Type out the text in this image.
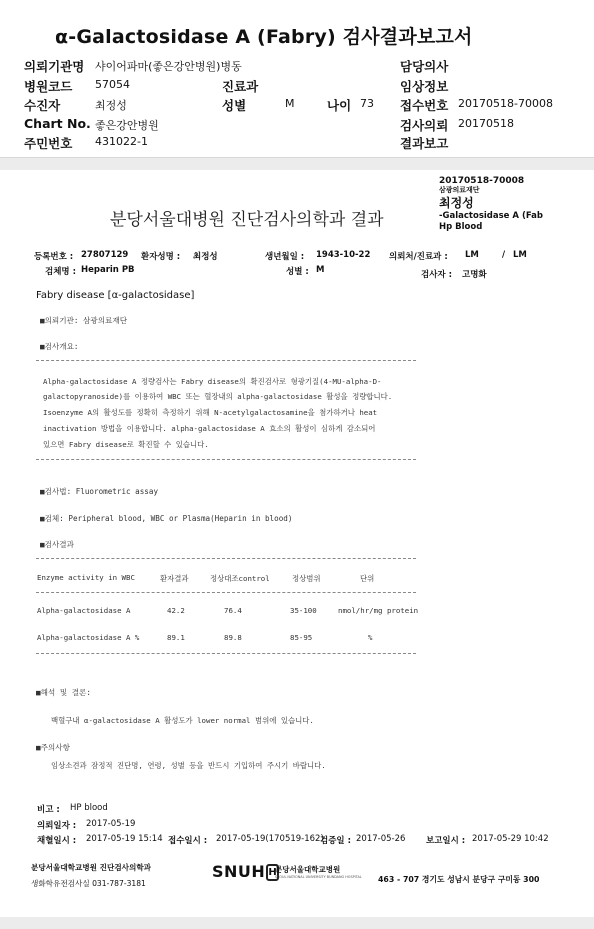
α-Galactosidase A (Fabry) 검사결과보고서
의뢰기관명 샤이어파마(좋은강안병원)병동	담당의사
병원코드 57054	진료과	임상정보
수진자	최정성	성별	M	나이 73 접수번호 20170518-70008
Chart No. 좋은강안병원	검사의뢰 20170518
주민번호 431022-1	결과보고
20170518-70008
삼광의료재단
최정성
-Galactosidase A (Fab
Hp Blood
분당서울대병원 진단검사의학과 결과
등록번호 : 27807129 환자성명 : 최정성	생년월일 : 1943-10-22 의뢰처/진료과 : LM	/ LM
검체명 : Heparin PB	성별 : M	검사자 : 고명화
Fabry disease [α-galactosidase]
■의뢰기관: 삼광의료재단
■검사개요:
Alpha-galactosidase A 정량검사는 Fabry disease의 확진검사로 형광기질(4-MU-alpha-D-
galactopyranoside)를 이용하여 WBC 또는 혈장내의 alpha-galactosidase 활성을 정량합니다.
Isoenzyme A의 활성도를 정확히 측정하기 위해 N-acetylgalactosamine을 첨가하거나 heat
inactivation 방법을 이용합니다. alpha-galactosidase A 효소의 활성이 심하게 감소되어
있으면 Fabry disease로 확진할 수 있습니다.
■검사법: Fluorometric assay
■검체: Peripheral blood, WBC or Plasma(Heparin in blood)
■검사결과
Enzyme activity in WBC	환자결과	정상대조control	정상범위	단위
Alpha-galactosidase A	42.2	76.4	35-100	nmol/hr/mg protein
Alpha-galactosidase A %	89.1	89.8	85-95	%
■해석 및 결론:
백혈구내 α-galactosidase A 활성도가 lower normal 범위에 있습니다.
■주의사항
임상소견과 잠정적 진단명, 연령, 성별 등을 반드시 기입하여 주시기 바랍니다.
비고 : HP blood
의뢰일자 : 2017-05-19
채혈일시 : 2017-05-19 15:14 접수일시 : 2017-05-19(170519-162)
검증일 : 2017-05-26 보고일시 : 2017-05-29 10:42
분당서울대학교병원 진단검사의학과
생화학유전검사실 031-787-3181
SNUH H
분당서울대학교병원
SEOUL NATIONAL UNIVERSITY BUNDANG HOSPITAL 463 - 707 경기도 성남시 분당구 구미동 300
